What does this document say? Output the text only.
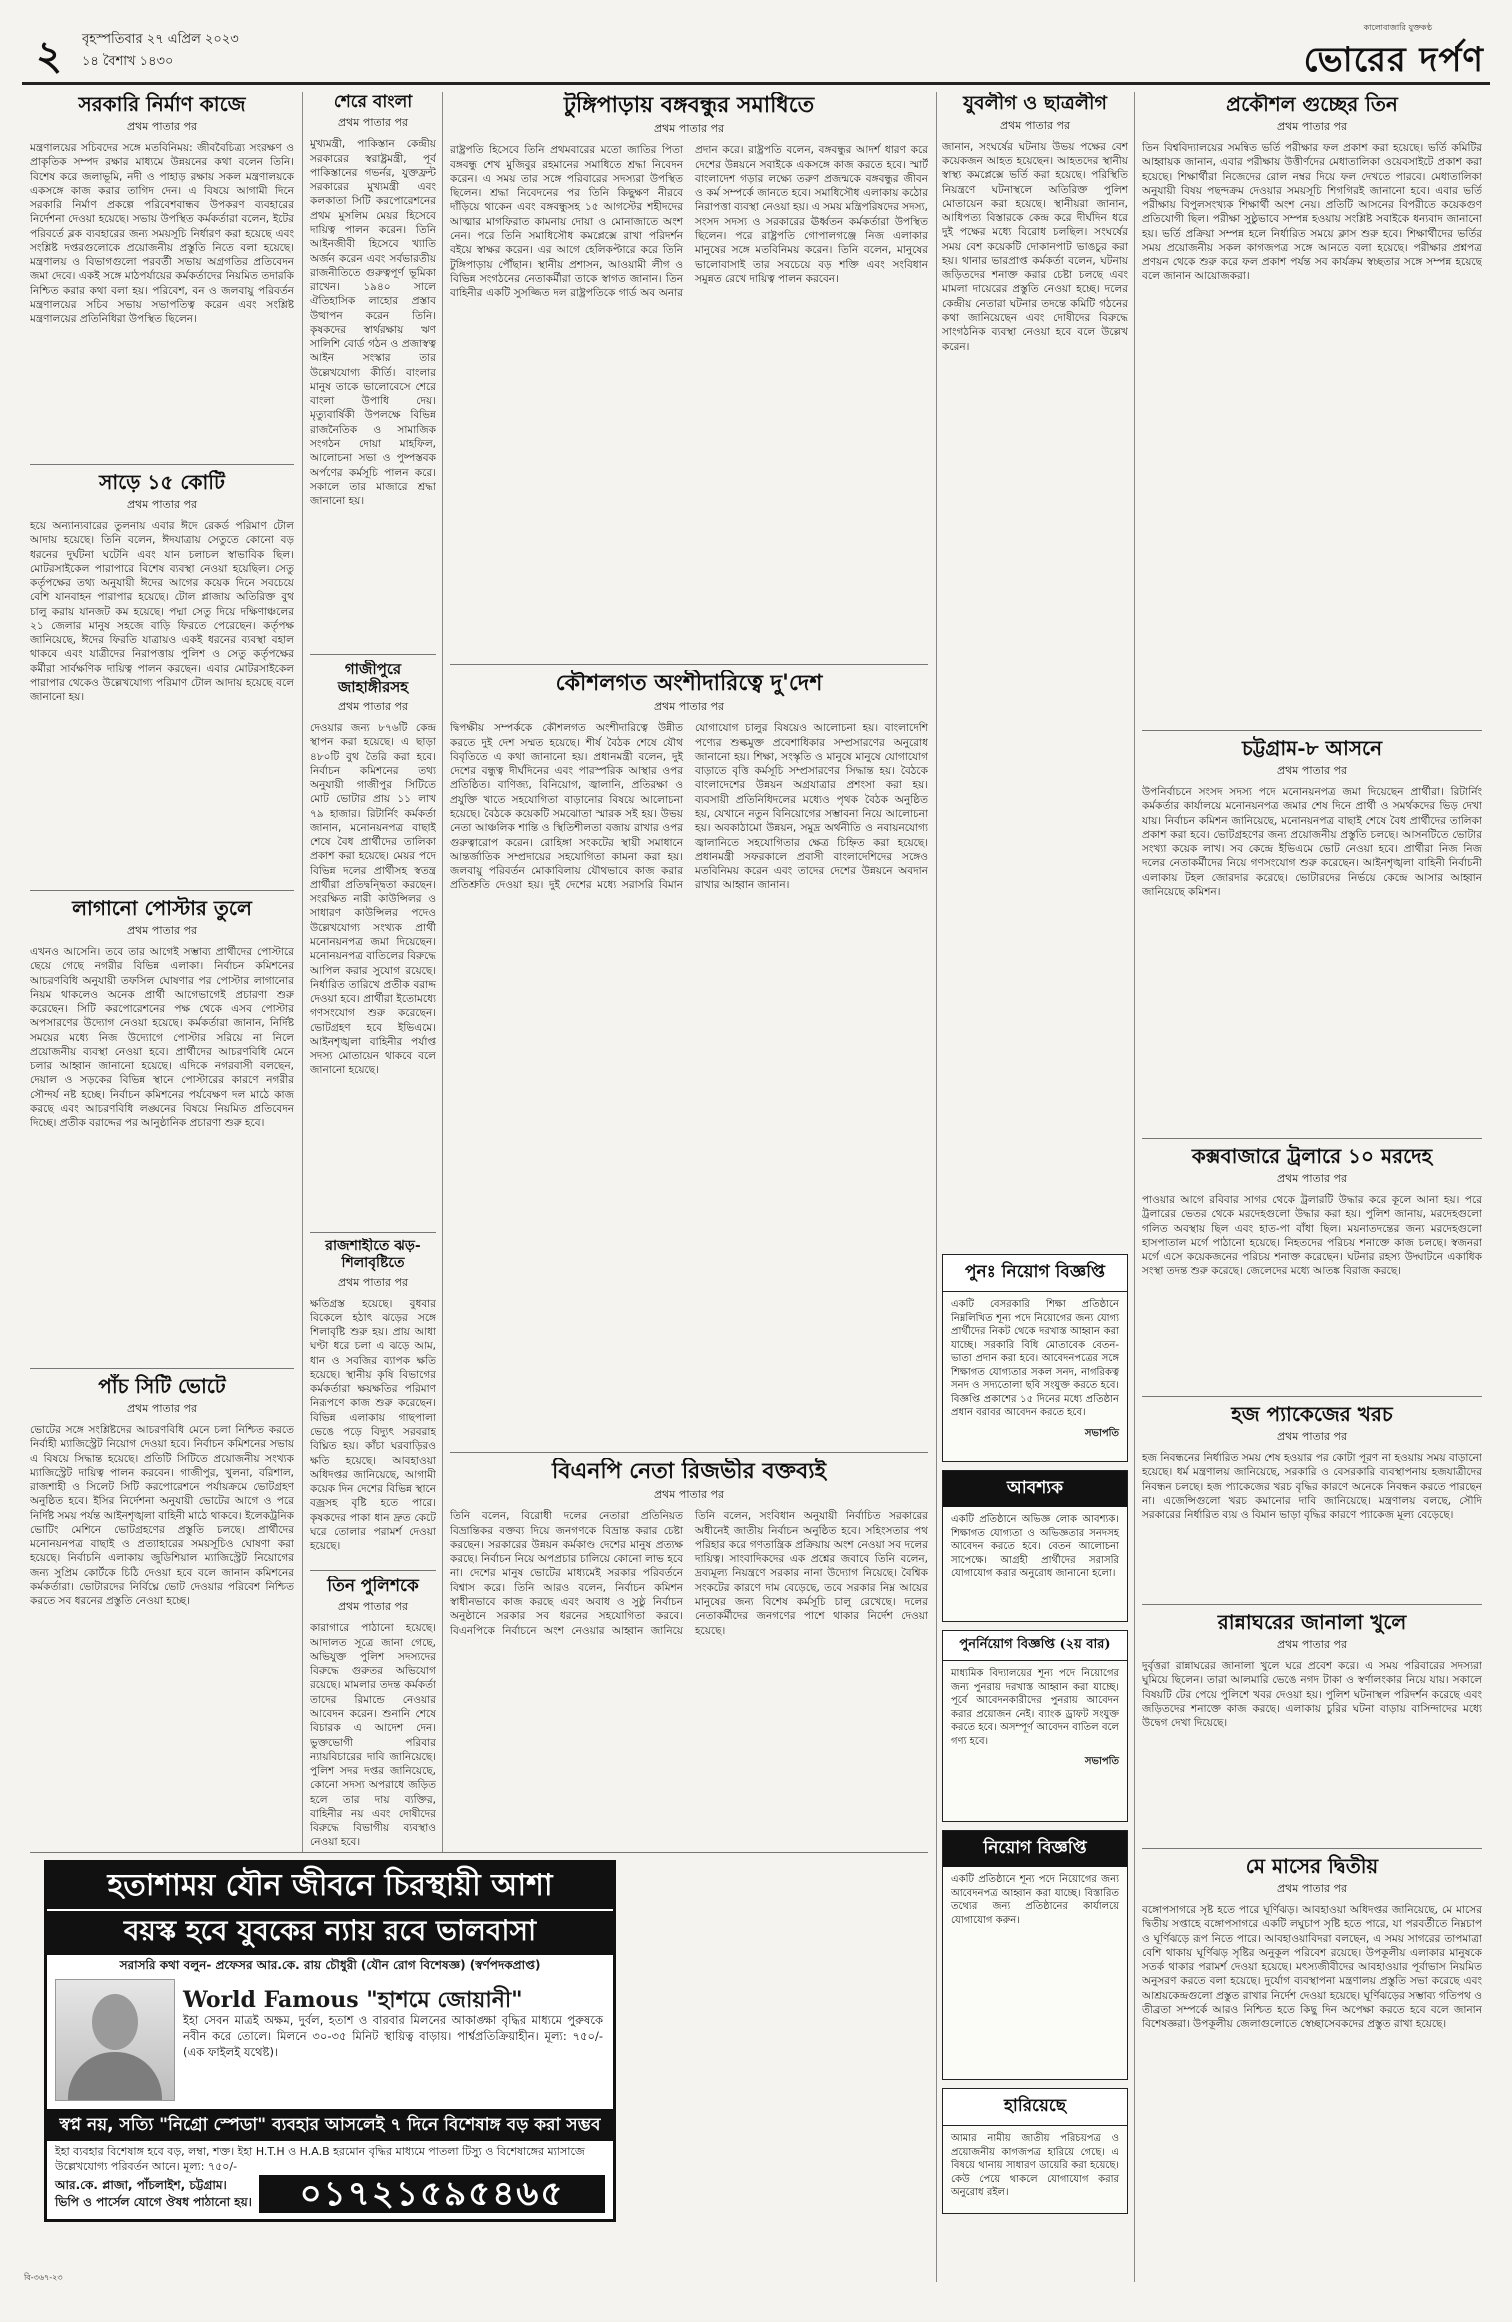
২ বৃহস্পতিবার ২৭ এপ্রিল ২০২৩
১৪ বৈশাখ ১৪৩০
কালোবাজারি যুক্তকণ্ঠ
ভোরের দর্পণ
সরকারি নির্মাণ কাজে
প্রথম পাতার পর

মন্ত্রণালয়ের সচিবদের সঙ্গে মতবিনিময়: জীববৈচিত্র্য সংরক্ষণ ও প্রাকৃতিক সম্পদ রক্ষার মাধ্যমে উন্নয়নের কথা বলেন তিনি। বিশেষ করে জলাভূমি, নদী ও পাহাড় রক্ষায় সকল মন্ত্রণালয়কে একসঙ্গে কাজ করার তাগিদ দেন। এ বিষয়ে আগামী দিনে সরকারি নির্মাণ প্রকল্পে পরিবেশবান্ধব উপকরণ ব্যবহারের নির্দেশনা দেওয়া হয়েছে। সভায় উপস্থিত কর্মকর্তারা বলেন, ইটের পরিবর্তে ব্লক ব্যবহারের জন্য সময়সূচি নির্ধারণ করা হয়েছে এবং সংশ্লিষ্ট দপ্তরগুলোকে প্রয়োজনীয় প্রস্তুতি নিতে বলা হয়েছে। মন্ত্রণালয় ও বিভাগগুলো পরবর্তী সভায় অগ্রগতির প্রতিবেদন জমা দেবে। একই সঙ্গে মাঠপর্যায়ের কর্মকর্তাদের নিয়মিত তদারকি নিশ্চিত করার কথা বলা হয়। পরিবেশ, বন ও জলবায়ু পরিবর্তন মন্ত্রণালয়ের সচিব সভায় সভাপতিত্ব করেন এবং সংশ্লিষ্ট মন্ত্রণালয়ের প্রতিনিধিরা উপস্থিত ছিলেন।

সাড়ে ১৫ কোটি
প্রথম পাতার পর

হয়ে অন্যান্যবারের তুলনায় এবার ঈদে রেকর্ড পরিমাণ টোল আদায় হয়েছে। তিনি বলেন, ঈদযাত্রায় সেতুতে কোনো বড় ধরনের দুর্ঘটনা ঘটেনি এবং যান চলাচল স্বাভাবিক ছিল। মোটরসাইকেল পারাপারে বিশেষ ব্যবস্থা নেওয়া হয়েছিল। সেতু কর্তৃপক্ষের তথ্য অনুযায়ী ঈদের আগের কয়েক দিনে সবচেয়ে বেশি যানবাহন পারাপার হয়েছে। টোল প্লাজায় অতিরিক্ত বুথ চালু করায় যানজট কম হয়েছে। পদ্মা সেতু দিয়ে দক্ষিণাঞ্চলের ২১ জেলার মানুষ সহজে বাড়ি ফিরতে পেরেছেন। কর্তৃপক্ষ জানিয়েছে, ঈদের ফিরতি যাত্রায়ও একই ধরনের ব্যবস্থা বহাল থাকবে এবং যাত্রীদের নিরাপত্তায় পুলিশ ও সেতু কর্তৃপক্ষের কর্মীরা সার্বক্ষণিক দায়িত্ব পালন করছেন। এবার মোটরসাইকেল পারাপার থেকেও উল্লেখযোগ্য পরিমাণ টোল আদায় হয়েছে বলে জানানো হয়।

লাগানো পোস্টার তুলে
প্রথম পাতার পর

এখনও আসেনি। তবে তার আগেই সম্ভাব্য প্রার্থীদের পোস্টারে ছেয়ে গেছে নগরীর বিভিন্ন এলাকা। নির্বাচন কমিশনের আচরণবিধি অনুযায়ী তফসিল ঘোষণার পর পোস্টার লাগানোর নিয়ম থাকলেও অনেক প্রার্থী আগেভাগেই প্রচারণা শুরু করেছেন। সিটি করপোরেশনের পক্ষ থেকে এসব পোস্টার অপসারণের উদ্যোগ নেওয়া হয়েছে। কর্মকর্তারা জানান, নির্দিষ্ট সময়ের মধ্যে নিজ উদ্যোগে পোস্টার সরিয়ে না নিলে প্রয়োজনীয় ব্যবস্থা নেওয়া হবে। প্রার্থীদের আচরণবিধি মেনে চলার আহ্বান জানানো হয়েছে। এদিকে নগরবাসী বলছেন, দেয়াল ও সড়কের বিভিন্ন স্থানে পোস্টারের কারণে নগরীর সৌন্দর্য নষ্ট হচ্ছে। নির্বাচন কমিশনের পর্যবেক্ষণ দল মাঠে কাজ করছে এবং আচরণবিধি লঙ্ঘনের বিষয়ে নিয়মিত প্রতিবেদন দিচ্ছে। প্রতীক বরাদ্দের পর আনুষ্ঠানিক প্রচারণা শুরু হবে।

পাঁচ সিটি ভোটে
প্রথম পাতার পর

ভোটের সঙ্গে সংশ্লিষ্টদের আচরণবিধি মেনে চলা নিশ্চিত করতে নির্বাহী ম্যাজিস্ট্রেট নিয়োগ দেওয়া হবে। নির্বাচন কমিশনের সভায় এ বিষয়ে সিদ্ধান্ত হয়েছে। প্রতিটি সিটিতে প্রয়োজনীয় সংখ্যক ম্যাজিস্ট্রেট দায়িত্ব পালন করবেন। গাজীপুর, খুলনা, বরিশাল, রাজশাহী ও সিলেট সিটি করপোরেশনে পর্যায়ক্রমে ভোটগ্রহণ অনুষ্ঠিত হবে। ইসির নির্দেশনা অনুযায়ী ভোটের আগে ও পরে নির্দিষ্ট সময় পর্যন্ত আইনশৃঙ্খলা বাহিনী মাঠে থাকবে। ইলেকট্রনিক ভোটিং মেশিনে ভোটগ্রহণের প্রস্তুতি চলছে। প্রার্থীদের মনোনয়নপত্র বাছাই ও প্রত্যাহারের সময়সূচিও ঘোষণা করা হয়েছে। নির্বাচনি এলাকায় জুডিশিয়াল ম্যাজিস্ট্রেট নিয়োগের জন্য সুপ্রিম কোর্টকে চিঠি দেওয়া হবে বলে জানান কমিশনের কর্মকর্তারা। ভোটারদের নির্বিঘ্নে ভোট দেওয়ার পরিবেশ নিশ্চিত করতে সব ধরনের প্রস্তুতি নেওয়া হচ্ছে।

শেরে বাংলা
প্রথম পাতার পর

মুখ্যমন্ত্রী, পাকিস্তান কেন্দ্রীয় সরকারের স্বরাষ্ট্রমন্ত্রী, পূর্ব পাকিস্তানের গভর্নর, যুক্তফ্রন্ট সরকারের মুখ্যমন্ত্রী এবং কলকাতা সিটি করপোরেশনের প্রথম মুসলিম মেয়র হিসেবে দায়িত্ব পালন করেন। তিনি আইনজীবী হিসেবে খ্যাতি অর্জন করেন এবং সর্বভারতীয় রাজনীতিতে গুরুত্বপূর্ণ ভূমিকা রাখেন। ১৯৪০ সালে ঐতিহাসিক লাহোর প্রস্তাব উত্থাপন করেন তিনি। কৃষকদের স্বার্থরক্ষায় ঋণ সালিশি বোর্ড গঠন ও প্রজাস্বত্ব আইন সংস্কার তার উল্লেখযোগ্য কীর্তি। বাংলার মানুষ তাকে ভালোবেসে শেরে বাংলা উপাধি দেয়। মৃত্যুবার্ষিকী উপলক্ষে বিভিন্ন রাজনৈতিক ও সামাজিক সংগঠন দোয়া মাহফিল, আলোচনা সভা ও পুষ্পস্তবক অর্পণের কর্মসূচি পালন করে। সকালে তার মাজারে শ্রদ্ধা জানানো হয়।

গাজীপুরে জাহাঙ্গীরসহ
প্রথম পাতার পর

দেওয়ার জন্য ৮৭৬টি কেন্দ্র স্থাপন করা হয়েছে। এ ছাড়া ৪৮০টি বুথ তৈরি করা হবে। নির্বাচন কমিশনের তথ্য অনুযায়ী গাজীপুর সিটিতে মোট ভোটার প্রায় ১১ লাখ ৭৯ হাজার। রিটার্নিং কর্মকর্তা জানান, মনোনয়নপত্র বাছাই শেষে বৈধ প্রার্থীদের তালিকা প্রকাশ করা হয়েছে। মেয়র পদে বিভিন্ন দলের প্রার্থীসহ স্বতন্ত্র প্রার্থীরা প্রতিদ্বন্দ্বিতা করছেন। সংরক্ষিত নারী কাউন্সিলর ও সাধারণ কাউন্সিলর পদেও উল্লেখযোগ্য সংখ্যক প্রার্থী মনোনয়নপত্র জমা দিয়েছেন। মনোনয়নপত্র বাতিলের বিরুদ্ধে আপিল করার সুযোগ রয়েছে। নির্ধারিত তারিখে প্রতীক বরাদ্দ দেওয়া হবে। প্রার্থীরা ইতোমধ্যে গণসংযোগ শুরু করেছেন। ভোটগ্রহণ হবে ইভিএমে। আইনশৃঙ্খলা বাহিনীর পর্যাপ্ত সদস্য মোতায়েন থাকবে বলে জানানো হয়েছে।

রাজশাহীতে ঝড়-শিলাবৃষ্টিতে
প্রথম পাতার পর

ক্ষতিগ্রস্ত হয়েছে। বুধবার বিকেলে হঠাৎ ঝড়ের সঙ্গে শিলাবৃষ্টি শুরু হয়। প্রায় আধা ঘণ্টা ধরে চলা এ ঝড়ে আম, ধান ও সবজির ব্যাপক ক্ষতি হয়েছে। স্থানীয় কৃষি বিভাগের কর্মকর্তারা ক্ষয়ক্ষতির পরিমাণ নিরূপণে কাজ শুরু করেছেন। বিভিন্ন এলাকায় গাছপালা ভেঙে পড়ে বিদ্যুৎ সরবরাহ বিঘ্নিত হয়। কাঁচা ঘরবাড়িরও ক্ষতি হয়েছে। আবহাওয়া অধিদপ্তর জানিয়েছে, আগামী কয়েক দিন দেশের বিভিন্ন স্থানে বজ্রসহ বৃষ্টি হতে পারে। কৃষকদের পাকা ধান দ্রুত কেটে ঘরে তোলার পরামর্শ দেওয়া হয়েছে।

তিন পুলিশকে
প্রথম পাতার পর

কারাগারে পাঠানো হয়েছে। আদালত সূত্রে জানা গেছে, অভিযুক্ত পুলিশ সদস্যদের বিরুদ্ধে গুরুতর অভিযোগ রয়েছে। মামলার তদন্ত কর্মকর্তা তাদের রিমান্ডে নেওয়ার আবেদন করেন। শুনানি শেষে বিচারক এ আদেশ দেন। ভুক্তভোগী পরিবার ন্যায়বিচারের দাবি জানিয়েছে। পুলিশ সদর দপ্তর জানিয়েছে, কোনো সদস্য অপরাধে জড়িত হলে তার দায় ব্যক্তির, বাহিনীর নয় এবং দোষীদের বিরুদ্ধে বিভাগীয় ব্যবস্থাও নেওয়া হবে।

টুঙ্গিপাড়ায় বঙ্গবন্ধুর সমাধিতে
প্রথম পাতার পর

রাষ্ট্রপতি হিসেবে তিনি প্রথমবারের মতো জাতির পিতা বঙ্গবন্ধু শেখ মুজিবুর রহমানের সমাধিতে শ্রদ্ধা নিবেদন করেন। এ সময় তার সঙ্গে পরিবারের সদস্যরা উপস্থিত ছিলেন। শ্রদ্ধা নিবেদনের পর তিনি কিছুক্ষণ নীরবে দাঁড়িয়ে থাকেন এবং বঙ্গবন্ধুসহ ১৫ আগস্টের শহীদদের আত্মার মাগফিরাত কামনায় দোয়া ও মোনাজাতে অংশ নেন। পরে তিনি সমাধিসৌধ কমপ্লেক্সে রাখা পরিদর্শন বইয়ে স্বাক্ষর করেন। এর আগে হেলিকপ্টারে করে তিনি টুঙ্গিপাড়ায় পৌঁছান। স্থানীয় প্রশাসন, আওয়ামী লীগ ও বিভিন্ন সংগঠনের নেতাকর্মীরা তাকে স্বাগত জানান। তিন বাহিনীর একটি সুসজ্জিত দল রাষ্ট্রপতিকে গার্ড অব অনার প্রদান করে। রাষ্ট্রপতি বলেন, বঙ্গবন্ধুর আদর্শ ধারণ করে দেশের উন্নয়নে সবাইকে একসঙ্গে কাজ করতে হবে। স্মার্ট বাংলাদেশ গড়ার লক্ষ্যে তরুণ প্রজন্মকে বঙ্গবন্ধুর জীবন ও কর্ম সম্পর্কে জানতে হবে। সমাধিসৌধ এলাকায় কঠোর নিরাপত্তা ব্যবস্থা নেওয়া হয়। এ সময় মন্ত্রিপরিষদের সদস্য, সংসদ সদস্য ও সরকারের ঊর্ধ্বতন কর্মকর্তারা উপস্থিত ছিলেন। পরে রাষ্ট্রপতি গোপালগঞ্জে নিজ এলাকার মানুষের সঙ্গে মতবিনিময় করেন। তিনি বলেন, মানুষের ভালোবাসাই তার সবচেয়ে বড় শক্তি এবং সংবিধান সমুন্নত রেখে দায়িত্ব পালন করবেন।

কৌশলগত অংশীদারিত্বে দু'দেশ
প্রথম পাতার পর

দ্বিপক্ষীয় সম্পর্ককে কৌশলগত অংশীদারিত্বে উন্নীত করতে দুই দেশ সম্মত হয়েছে। শীর্ষ বৈঠক শেষে যৌথ বিবৃতিতে এ কথা জানানো হয়। প্রধানমন্ত্রী বলেন, দুই দেশের বন্ধুত্ব দীর্ঘদিনের এবং পারস্পরিক আস্থার ওপর প্রতিষ্ঠিত। বাণিজ্য, বিনিয়োগ, জ্বালানি, প্রতিরক্ষা ও প্রযুক্তি খাতে সহযোগিতা বাড়ানোর বিষয়ে আলোচনা হয়েছে। বৈঠকে কয়েকটি সমঝোতা স্মারক সই হয়। উভয় নেতা আঞ্চলিক শান্তি ও স্থিতিশীলতা বজায় রাখার ওপর গুরুত্বারোপ করেন। রোহিঙ্গা সংকটের স্থায়ী সমাধানে আন্তর্জাতিক সম্প্রদায়ের সহযোগিতা কামনা করা হয়। জলবায়ু পরিবর্তন মোকাবিলায় যৌথভাবে কাজ করার প্রতিশ্রুতি দেওয়া হয়। দুই দেশের মধ্যে সরাসরি বিমান যোগাযোগ চালুর বিষয়েও আলোচনা হয়। বাংলাদেশি পণ্যের শুল্কমুক্ত প্রবেশাধিকার সম্প্রসারণের অনুরোধ জানানো হয়। শিক্ষা, সংস্কৃতি ও মানুষে মানুষে যোগাযোগ বাড়াতে বৃত্তি কর্মসূচি সম্প্রসারণের সিদ্ধান্ত হয়। বৈঠকে বাংলাদেশের উন্নয়ন অগ্রযাত্রার প্রশংসা করা হয়। ব্যবসায়ী প্রতিনিধিদলের মধ্যেও পৃথক বৈঠক অনুষ্ঠিত হয়, যেখানে নতুন বিনিয়োগের সম্ভাবনা নিয়ে আলোচনা হয়। অবকাঠামো উন্নয়ন, সমুদ্র অর্থনীতি ও নবায়নযোগ্য জ্বালানিতে সহযোগিতার ক্ষেত্র চিহ্নিত করা হয়েছে। প্রধানমন্ত্রী সফরকালে প্রবাসী বাংলাদেশিদের সঙ্গেও মতবিনিময় করেন এবং তাদের দেশের উন্নয়নে অবদান রাখার আহ্বান জানান।

বিএনপি নেতা রিজভীর বক্তব্যই
প্রথম পাতার পর

তিনি বলেন, বিরোধী দলের নেতারা প্রতিনিয়ত বিভ্রান্তিকর বক্তব্য দিয়ে জনগণকে বিভ্রান্ত করার চেষ্টা করছেন। সরকারের উন্নয়ন কর্মকাণ্ড দেশের মানুষ প্রত্যক্ষ করছে। নির্বাচন নিয়ে অপপ্রচার চালিয়ে কোনো লাভ হবে না। দেশের মানুষ ভোটের মাধ্যমেই সরকার পরিবর্তনে বিশ্বাস করে। তিনি আরও বলেন, নির্বাচন কমিশন স্বাধীনভাবে কাজ করছে এবং অবাধ ও সুষ্ঠু নির্বাচন অনুষ্ঠানে সরকার সব ধরনের সহযোগিতা করবে। বিএনপিকে নির্বাচনে অংশ নেওয়ার আহ্বান জানিয়ে তিনি বলেন, সংবিধান অনুযায়ী নির্বাচিত সরকারের অধীনেই জাতীয় নির্বাচন অনুষ্ঠিত হবে। সহিংসতার পথ পরিহার করে গণতান্ত্রিক প্রক্রিয়ায় অংশ নেওয়া সব দলের দায়িত্ব। সাংবাদিকদের এক প্রশ্নের জবাবে তিনি বলেন, দ্রব্যমূল্য নিয়ন্ত্রণে সরকার নানা উদ্যোগ নিয়েছে। বৈশ্বিক সংকটের কারণে দাম বেড়েছে, তবে সরকার নিম্ন আয়ের মানুষের জন্য বিশেষ কর্মসূচি চালু রেখেছে। দলের নেতাকর্মীদের জনগণের পাশে থাকার নির্দেশ দেওয়া হয়েছে।

হতাশাময় যৌন জীবনে চিরস্থায়ী আশা
বয়স্ক হবে যুবকের ন্যায় রবে ভালবাসা
সরাসরি কথা বলুন- প্রফেসর আর.কে. রায় চৌধুরী (যৌন রোগ বিশেষজ্ঞ) (স্বর্ণপদকপ্রাপ্ত)
World Famous "হাশমে জোয়ানী"
ইহা সেবন মাত্রই অক্ষম, দুর্বল, হতাশ ও বারবার মিলনের আকাঙ্ক্ষা বৃদ্ধির মাধ্যমে পুরুষকে নবীন করে তোলে। মিলনে ৩০-৩৫ মিনিট স্থায়িত্ব বাড়ায়। পার্শ্বপ্রতিক্রিয়াহীন। মূল্য: ৭৫০/- (এক ফাইলই যথেষ্ট)।
স্বপ্ন নয়, সত্যি "নিগ্রো স্পেডা" ব্যবহার আসলেই ৭ দিনে বিশেষাঙ্গ বড় করা সম্ভব
ইহা ব্যবহার বিশেষাঙ্গ হবে বড়, লম্বা, শক্ত। ইহা H.T.H ও H.A.B হরমোন বৃদ্ধির মাধ্যমে পাতলা টিস্যু ও বিশেষাঙ্গের ম্যাসাজে উল্লেখযোগ্য পরিবর্তন আনে। মূল্য: ৭৫০/-
আর.কে. প্লাজা, পাঁচলাইশ, চট্টগ্রাম।
ভিপি ও পার্সেল যোগে ঔষধ পাঠানো হয়।	০১৭২১৫৯৫৪৬৫
যুবলীগ ও ছাত্রলীগ
প্রথম পাতার পর

জানান, সংঘর্ষের ঘটনায় উভয় পক্ষের বেশ কয়েকজন আহত হয়েছেন। আহতদের স্থানীয় স্বাস্থ্য কমপ্লেক্সে ভর্তি করা হয়েছে। পরিস্থিতি নিয়ন্ত্রণে ঘটনাস্থলে অতিরিক্ত পুলিশ মোতায়েন করা হয়েছে। স্থানীয়রা জানান, আধিপত্য বিস্তারকে কেন্দ্র করে দীর্ঘদিন ধরে দুই পক্ষের মধ্যে বিরোধ চলছিল। সংঘর্ষের সময় বেশ কয়েকটি দোকানপাট ভাঙচুর করা হয়। থানার ভারপ্রাপ্ত কর্মকর্তা বলেন, ঘটনায় জড়িতদের শনাক্ত করার চেষ্টা চলছে এবং মামলা দায়েরের প্রস্তুতি নেওয়া হচ্ছে। দলের কেন্দ্রীয় নেতারা ঘটনার তদন্তে কমিটি গঠনের কথা জানিয়েছেন এবং দোষীদের বিরুদ্ধে সাংগঠনিক ব্যবস্থা নেওয়া হবে বলে উল্লেখ করেন।

পুনঃ নিয়োগ বিজ্ঞপ্তি
একটি বেসরকারি শিক্ষা প্রতিষ্ঠানে নিম্নলিখিত শূন্য পদে নিয়োগের জন্য যোগ্য প্রার্থীদের নিকট থেকে দরখাস্ত আহ্বান করা যাচ্ছে। সরকারি বিধি মোতাবেক বেতন-ভাতা প্রদান করা হবে। আবেদনপত্রের সঙ্গে শিক্ষাগত যোগ্যতার সকল সনদ, নাগরিকত্ব সনদ ও সদ্যতোলা ছবি সংযুক্ত করতে হবে। বিজ্ঞপ্তি প্রকাশের ১৫ দিনের মধ্যে প্রতিষ্ঠান প্রধান বরাবর আবেদন করতে হবে।
সভাপতি
আবশ্যক
একটি প্রতিষ্ঠানে অভিজ্ঞ লোক আবশ্যক। শিক্ষাগত যোগ্যতা ও অভিজ্ঞতার সনদসহ আবেদন করতে হবে। বেতন আলোচনা সাপেক্ষে। আগ্রহী প্রার্থীদের সরাসরি যোগাযোগ করার অনুরোধ জানানো হলো।
পুনর্নিয়োগ বিজ্ঞপ্তি (২য় বার)
মাধ্যমিক বিদ্যালয়ের শূন্য পদে নিয়োগের জন্য পুনরায় দরখাস্ত আহ্বান করা যাচ্ছে। পূর্বে আবেদনকারীদের পুনরায় আবেদন করার প্রয়োজন নেই। ব্যাংক ড্রাফট সংযুক্ত করতে হবে। অসম্পূর্ণ আবেদন বাতিল বলে গণ্য হবে।
সভাপতি
নিয়োগ বিজ্ঞপ্তি
একটি প্রতিষ্ঠানে শূন্য পদে নিয়োগের জন্য আবেদনপত্র আহ্বান করা যাচ্ছে। বিস্তারিত তথ্যের জন্য প্রতিষ্ঠানের কার্যালয়ে যোগাযোগ করুন।
হারিয়েছে
আমার নামীয় জাতীয় পরিচয়পত্র ও প্রয়োজনীয় কাগজপত্র হারিয়ে গেছে। এ বিষয়ে থানায় সাধারণ ডায়েরি করা হয়েছে। কেউ পেয়ে থাকলে যোগাযোগ করার অনুরোধ রইল।
প্রকৌশল গুচ্ছের তিন
প্রথম পাতার পর

তিন বিশ্ববিদ্যালয়ের সমন্বিত ভর্তি পরীক্ষার ফল প্রকাশ করা হয়েছে। ভর্তি কমিটির আহ্বায়ক জানান, এবার পরীক্ষায় উত্তীর্ণদের মেধাতালিকা ওয়েবসাইটে প্রকাশ করা হয়েছে। শিক্ষার্থীরা নিজেদের রোল নম্বর দিয়ে ফল দেখতে পারবে। মেধাতালিকা অনুযায়ী বিষয় পছন্দক্রম দেওয়ার সময়সূচি শিগগিরই জানানো হবে। এবার ভর্তি পরীক্ষায় বিপুলসংখ্যক শিক্ষার্থী অংশ নেয়। প্রতিটি আসনের বিপরীতে কয়েকগুণ প্রতিযোগী ছিল। পরীক্ষা সুষ্ঠুভাবে সম্পন্ন হওয়ায় সংশ্লিষ্ট সবাইকে ধন্যবাদ জানানো হয়। ভর্তি প্রক্রিয়া সম্পন্ন হলে নির্ধারিত সময়ে ক্লাস শুরু হবে। শিক্ষার্থীদের ভর্তির সময় প্রয়োজনীয় সকল কাগজপত্র সঙ্গে আনতে বলা হয়েছে। পরীক্ষার প্রশ্নপত্র প্রণয়ন থেকে শুরু করে ফল প্রকাশ পর্যন্ত সব কার্যক্রম স্বচ্ছতার সঙ্গে সম্পন্ন হয়েছে বলে জানান আয়োজকরা।

চট্টগ্রাম-৮ আসনে
প্রথম পাতার পর

উপনির্বাচনে সংসদ সদস্য পদে মনোনয়নপত্র জমা দিয়েছেন প্রার্থীরা। রিটার্নিং কর্মকর্তার কার্যালয়ে মনোনয়নপত্র জমার শেষ দিনে প্রার্থী ও সমর্থকদের ভিড় দেখা যায়। নির্বাচন কমিশন জানিয়েছে, মনোনয়নপত্র বাছাই শেষে বৈধ প্রার্থীদের তালিকা প্রকাশ করা হবে। ভোটগ্রহণের জন্য প্রয়োজনীয় প্রস্তুতি চলছে। আসনটিতে ভোটার সংখ্যা কয়েক লাখ। সব কেন্দ্রে ইভিএমে ভোট নেওয়া হবে। প্রার্থীরা নিজ নিজ দলের নেতাকর্মীদের নিয়ে গণসংযোগ শুরু করেছেন। আইনশৃঙ্খলা বাহিনী নির্বাচনী এলাকায় টহল জোরদার করেছে। ভোটারদের নির্ভয়ে কেন্দ্রে আসার আহ্বান জানিয়েছে কমিশন।

কক্সবাজারে ট্রলারে ১০ মরদেহ
প্রথম পাতার পর

পাওয়ার আগে রবিবার সাগর থেকে ট্রলারটি উদ্ধার করে কূলে আনা হয়। পরে ট্রলারের ভেতর থেকে মরদেহগুলো উদ্ধার করা হয়। পুলিশ জানায়, মরদেহগুলো গলিত অবস্থায় ছিল এবং হাত-পা বাঁধা ছিল। ময়নাতদন্তের জন্য মরদেহগুলো হাসপাতাল মর্গে পাঠানো হয়েছে। নিহতদের পরিচয় শনাক্তে কাজ চলছে। স্বজনরা মর্গে এসে কয়েকজনের পরিচয় শনাক্ত করেছেন। ঘটনার রহস্য উদ্ঘাটনে একাধিক সংস্থা তদন্ত শুরু করেছে। জেলেদের মধ্যে আতঙ্ক বিরাজ করছে।

হজ প্যাকেজের খরচ
প্রথম পাতার পর

হজ নিবন্ধনের নির্ধারিত সময় শেষ হওয়ার পর কোটা পূরণ না হওয়ায় সময় বাড়ানো হয়েছে। ধর্ম মন্ত্রণালয় জানিয়েছে, সরকারি ও বেসরকারি ব্যবস্থাপনায় হজযাত্রীদের নিবন্ধন চলছে। হজ প্যাকেজের খরচ বৃদ্ধির কারণে অনেকে নিবন্ধন করতে পারছেন না। এজেন্সিগুলো খরচ কমানোর দাবি জানিয়েছে। মন্ত্রণালয় বলছে, সৌদি সরকারের নির্ধারিত ব্যয় ও বিমান ভাড়া বৃদ্ধির কারণে প্যাকেজ মূল্য বেড়েছে।

রান্নাঘরের জানালা খুলে
প্রথম পাতার পর

দুর্বৃত্তরা রান্নাঘরের জানালা খুলে ঘরে প্রবেশ করে। এ সময় পরিবারের সদস্যরা ঘুমিয়ে ছিলেন। তারা আলমারি ভেঙে নগদ টাকা ও স্বর্ণালংকার নিয়ে যায়। সকালে বিষয়টি টের পেয়ে পুলিশে খবর দেওয়া হয়। পুলিশ ঘটনাস্থল পরিদর্শন করেছে এবং জড়িতদের শনাক্তে কাজ করছে। এলাকায় চুরির ঘটনা বাড়ায় বাসিন্দাদের মধ্যে উদ্বেগ দেখা দিয়েছে।

মে মাসের দ্বিতীয়
প্রথম পাতার পর

বঙ্গোপসাগরে সৃষ্ট হতে পারে ঘূর্ণিঝড়। আবহাওয়া অধিদপ্তর জানিয়েছে, মে মাসের দ্বিতীয় সপ্তাহে বঙ্গোপসাগরে একটি লঘুচাপ সৃষ্টি হতে পারে, যা পরবর্তীতে নিম্নচাপ ও ঘূর্ণিঝড়ে রূপ নিতে পারে। আবহাওয়াবিদরা বলছেন, এ সময় সাগরের তাপমাত্রা বেশি থাকায় ঘূর্ণিঝড় সৃষ্টির অনুকূল পরিবেশ রয়েছে। উপকূলীয় এলাকার মানুষকে সতর্ক থাকার পরামর্শ দেওয়া হয়েছে। মৎস্যজীবীদের আবহাওয়ার পূর্বাভাস নিয়মিত অনুসরণ করতে বলা হয়েছে। দুর্যোগ ব্যবস্থাপনা মন্ত্রণালয় প্রস্তুতি সভা করেছে এবং আশ্রয়কেন্দ্রগুলো প্রস্তুত রাখার নির্দেশ দেওয়া হয়েছে। ঘূর্ণিঝড়ের সম্ভাব্য গতিপথ ও তীব্রতা সম্পর্কে আরও নিশ্চিত হতে কিছু দিন অপেক্ষা করতে হবে বলে জানান বিশেষজ্ঞরা। উপকূলীয় জেলাগুলোতে স্বেচ্ছাসেবকদের প্রস্তুত রাখা হয়েছে।

বি-৩৬৭-২৩
